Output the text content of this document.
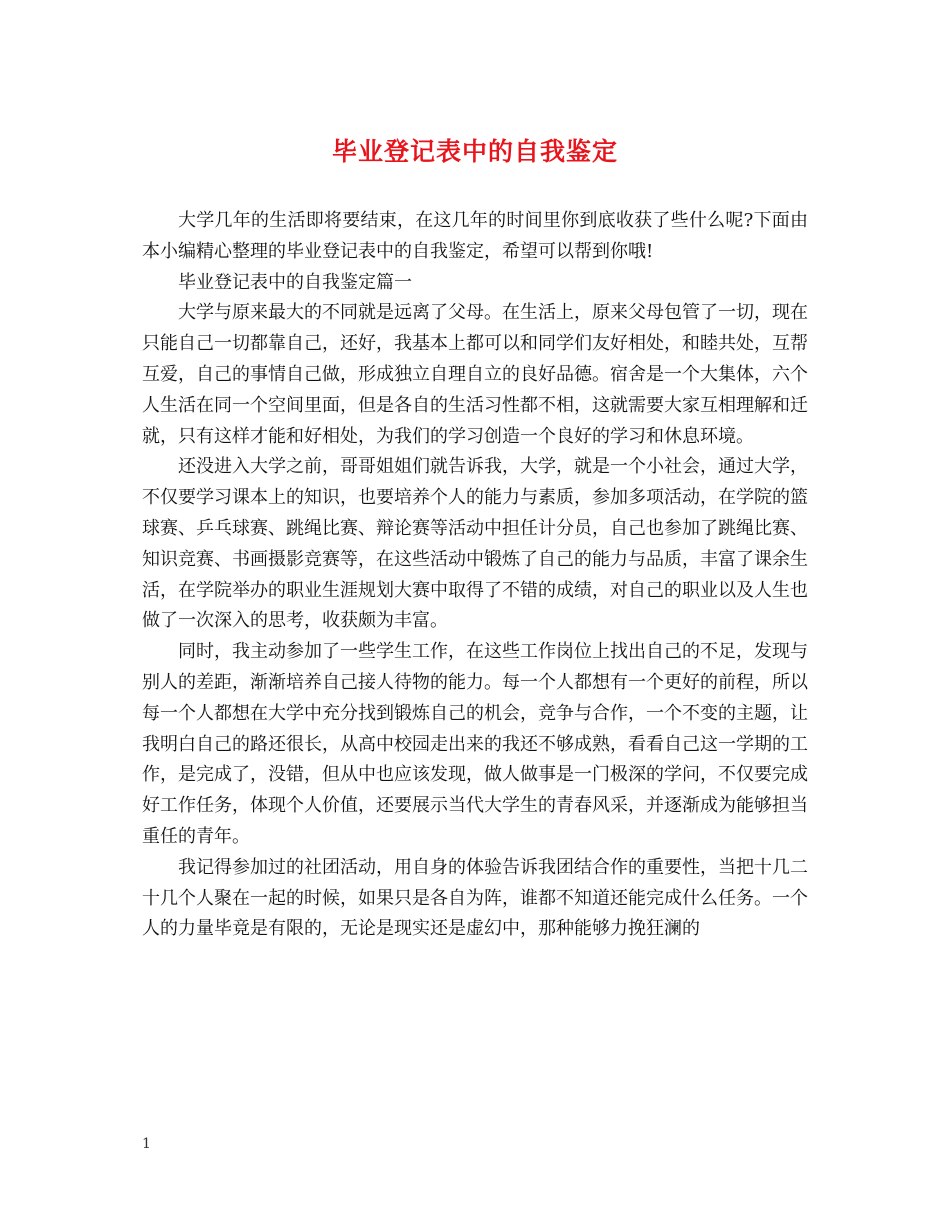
毕业登记表中的自我鉴定

大学几年的生活即将要结束，在这几年的时间里你到底收获了些什么呢?下面由本小编精心整理的毕业登记表中的自我鉴定，希望可以帮到你哦!

毕业登记表中的自我鉴定篇一

大学与原来最大的不同就是远离了父母。在生活上，原来父母包管了一切，现在只能自己一切都靠自己，还好，我基本上都可以和同学们友好相处，和睦共处，互帮互爱，自己的事情自己做，形成独立自理自立的良好品德。宿舍是一个大集体，六个人生活在同一个空间里面，但是各自的生活习性都不相，这就需要大家互相理解和迁就，只有这样才能和好相处，为我们的学习创造一个良好的学习和休息环境。

还没进入大学之前，哥哥姐姐们就告诉我，大学，就是一个小社会，通过大学，不仅要学习课本上的知识，也要培养个人的能力与素质，参加多项活动，在学院的篮球赛、乒乓球赛、跳绳比赛、辩论赛等活动中担任计分员，自己也参加了跳绳比赛、知识竞赛、书画摄影竞赛等，在这些活动中锻炼了自己的能力与品质，丰富了课余生活，在学院举办的职业生涯规划大赛中取得了不错的成绩，对自己的职业以及人生也做了一次深入的思考，收获颇为丰富。

同时，我主动参加了一些学生工作，在这些工作岗位上找出自己的不足，发现与别人的差距，渐渐培养自己接人待物的能力。每一个人都想有一个更好的前程，所以每一个人都想在大学中充分找到锻炼自己的机会，竞争与合作，一个不变的主题，让我明白自己的路还很长，从高中校园走出来的我还不够成熟，看看自己这一学期的工作，是完成了，没错，但从中也应该发现，做人做事是一门极深的学问，不仅要完成好工作任务，体现个人价值，还要展示当代大学生的青春风采，并逐渐成为能够担当重任的青年。

我记得参加过的社团活动，用自身的体验告诉我团结合作的重要性，当把十几二十几个人聚在一起的时候，如果只是各自为阵，谁都不知道还能完成什么任务。一个人的力量毕竟是有限的，无论是现实还是虚幻中，那种能够力挽狂澜的

1
